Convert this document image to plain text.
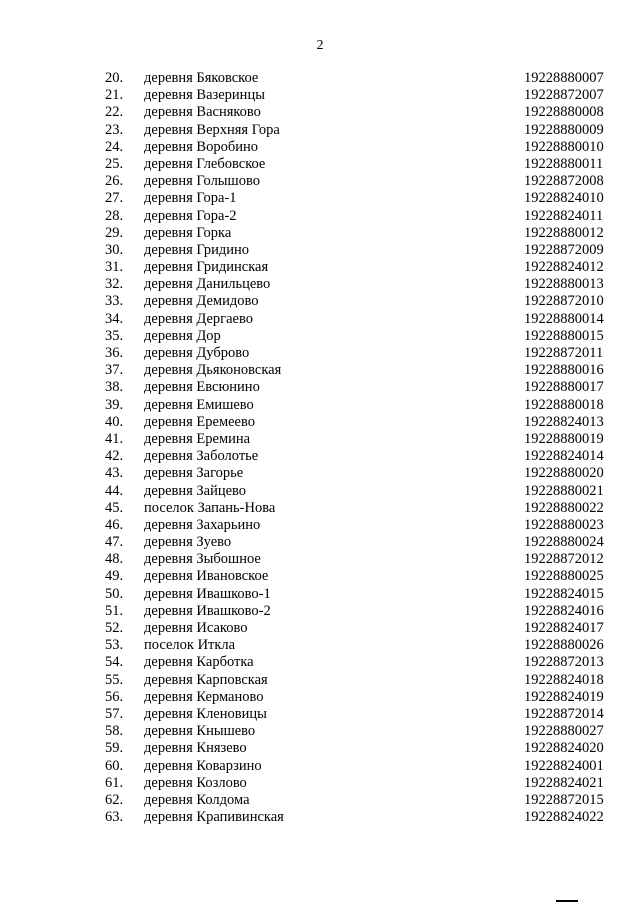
2
20. деревня Бяковское	19228880007
21. деревня Вазеринцы	19228872007
22. деревня Васняково	19228880008
23. деревня Верхняя Гора	19228880009
24. деревня Воробино	19228880010
25. деревня Глебовское	19228880011
26. деревня Голышово	19228872008
27. деревня Гора-1	19228824010
28. деревня Гора-2	19228824011
29. деревня Горка	19228880012
30. деревня Гридино	19228872009
31. деревня Гридинская	19228824012
32. деревня Данильцево	19228880013
33. деревня Демидово	19228872010
34. деревня Дергаево	19228880014
35. деревня Дор	19228880015
36. деревня Дуброво	19228872011
37. деревня Дьяконовская	19228880016
38. деревня Евсюнино	19228880017
39. деревня Емишево	19228880018
40. деревня Еремеево	19228824013
41. деревня Еремина	19228880019
42. деревня Заболотье	19228824014
43. деревня Загорье	19228880020
44. деревня Зайцево	19228880021
45. поселок Запань-Нова	19228880022
46. деревня Захарьино	19228880023
47. деревня Зуево	19228880024
48. деревня Зыбошное	19228872012
49. деревня Ивановское	19228880025
50. деревня Ивашково-1	19228824015
51. деревня Ивашково-2	19228824016
52. деревня Исаково	19228824017
53. поселок Иткла	19228880026
54. деревня Карботка	19228872013
55. деревня Карповская	19228824018
56. деревня Керманово	19228824019
57. деревня Кленовицы	19228872014
58. деревня Кнышево	19228880027
59. деревня Князево	19228824020
60. деревня Коварзино	19228824001
61. деревня Козлово	19228824021
62. деревня Колдома	19228872015
63. деревня Крапивинская	19228824022
